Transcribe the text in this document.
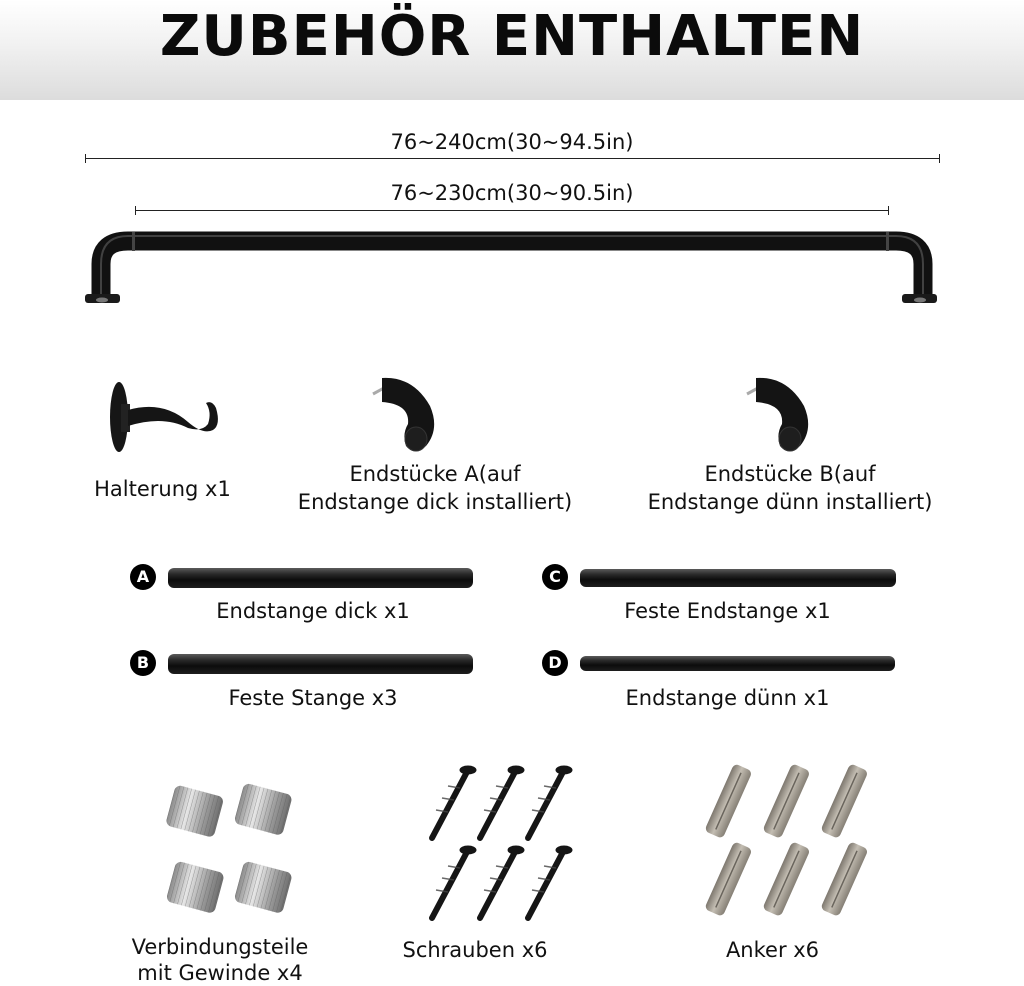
ZUBEHÖR ENTHALTEN
76~240cm(30~94.5in)
76~230cm(30~90.5in)
Halterung x1
Endstücke A(auf
Endstange dick installiert)
Endstücke B(auf
Endstange dünn installiert)
A
Endstange dick x1
C
Feste Endstange x1
B
Feste Stange x3
D
Endstange dünn x1
Verbindungsteile
mit Gewinde x4
Schrauben x6	Anker x6
